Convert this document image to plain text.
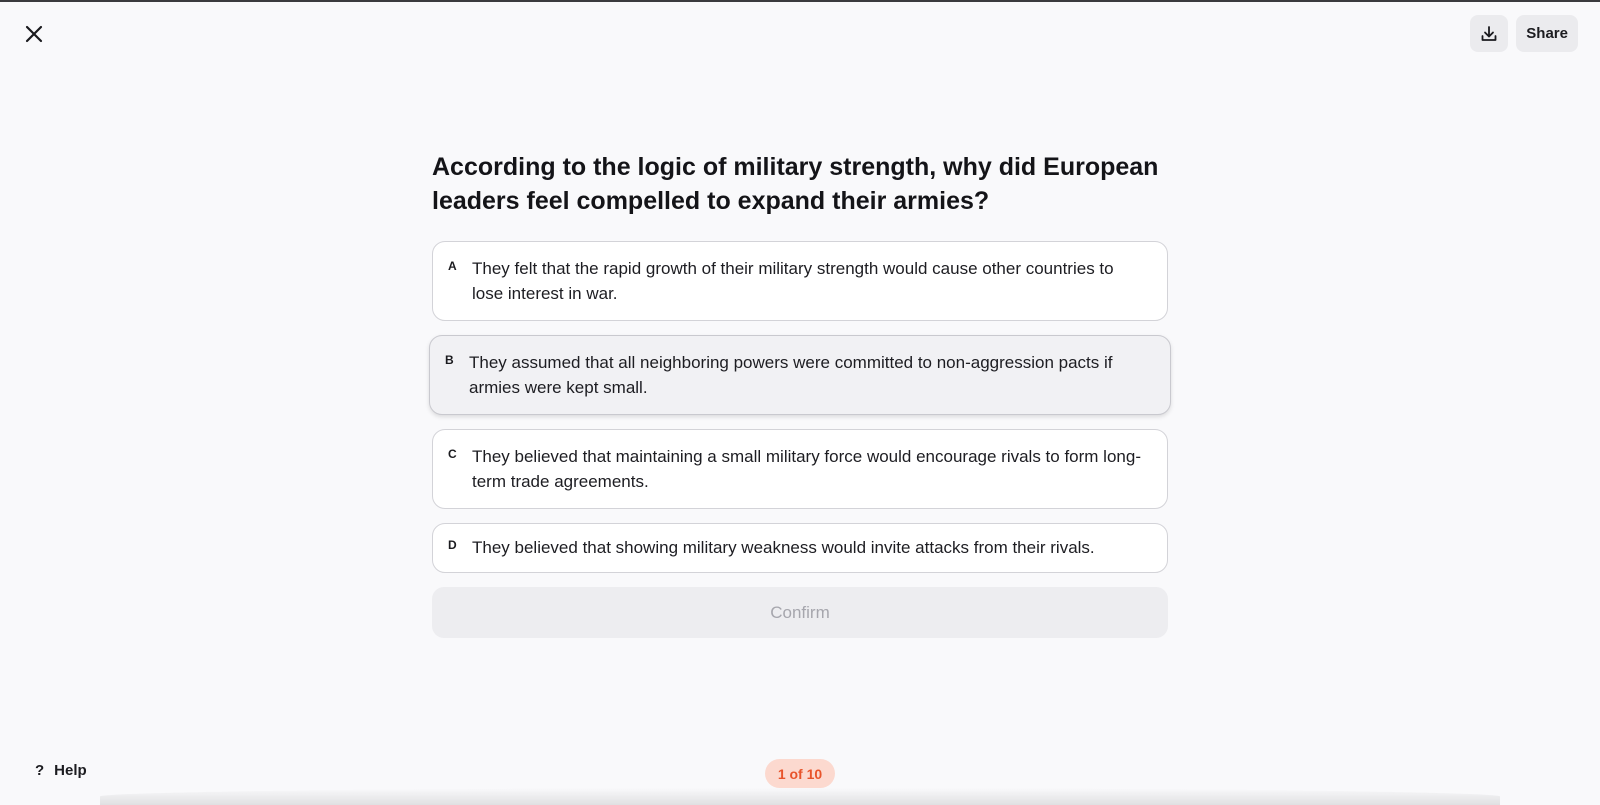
Share
According to the logic of military strength, why did European leaders feel compelled to expand their armies?
A They felt that the rapid growth of their military strength would cause other countries to lose interest in war.
B They assumed that all neighboring powers were committed to non-aggression pacts if armies were kept small.
C They believed that maintaining a small military force would encourage rivals to form long-term trade agreements.
D They believed that showing military weakness would invite attacks from their rivals.
Confirm
? Help	1 of 10
